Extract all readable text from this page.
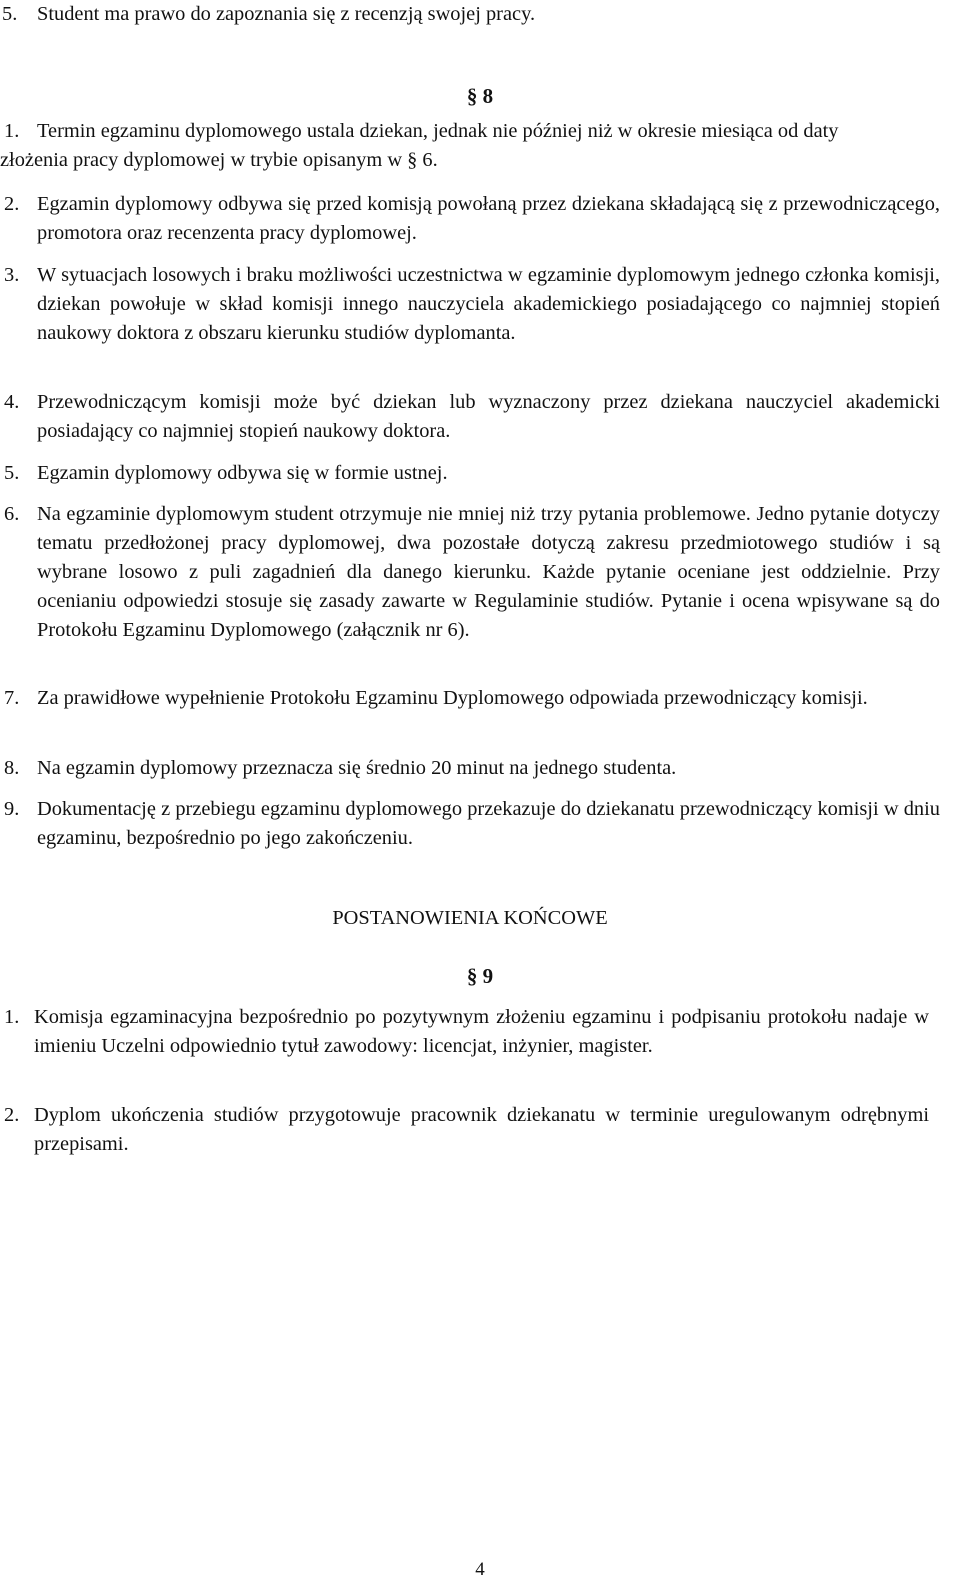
5. Student ma prawo do zapoznania się z recenzją swojej pracy.
§ 8
1. Termin egzaminu dyplomowego ustala dziekan, jednak nie później niż w okresie miesiąca od daty złożenia pracy dyplomowej w trybie opisanym w § 6.
2. Egzamin dyplomowy odbywa się przed komisją powołaną przez dziekana składającą się z przewodniczącego, promotora oraz recenzenta pracy dyplomowej.
3. W sytuacjach losowych i braku możliwości uczestnictwa w egzaminie dyplomowym jednego członka komisji, dziekan powołuje w skład komisji innego nauczyciela akademickiego posiadającego co najmniej stopień naukowy doktora z obszaru kierunku studiów dyplomanta.
4. Przewodniczącym komisji może być dziekan lub wyznaczony przez dziekana nauczyciel akademicki posiadający co najmniej stopień naukowy doktora.
5. Egzamin dyplomowy odbywa się w formie ustnej.
6. Na egzaminie dyplomowym student otrzymuje nie mniej niż trzy pytania problemowe. Jedno pytanie dotyczy tematu przedłożonej pracy dyplomowej, dwa pozostałe dotyczą zakresu przedmiotowego studiów i są wybrane losowo z puli zagadnień dla danego kierunku. Każde pytanie oceniane jest oddzielnie. Przy ocenianiu odpowiedzi stosuje się zasady zawarte w Regulaminie studiów. Pytanie i ocena wpisywane są do Protokołu Egzaminu Dyplomowego (załącznik nr 6).
7. Za prawidłowe wypełnienie Protokołu Egzaminu Dyplomowego odpowiada przewodniczący komisji.
8. Na egzamin dyplomowy przeznacza się średnio 20 minut na jednego studenta.
9. Dokumentację z przebiegu egzaminu dyplomowego przekazuje do dziekanatu przewodniczący komisji w dniu egzaminu, bezpośrednio po jego zakończeniu.
POSTANOWIENIA KOŃCOWE
§ 9
1. Komisja egzaminacyjna bezpośrednio po pozytywnym złożeniu egzaminu i podpisaniu protokołu nadaje w imieniu Uczelni odpowiednio tytuł zawodowy: licencjat, inżynier, magister.
2. Dyplom ukończenia studiów przygotowuje pracownik dziekanatu w terminie uregulowanym odrębnymi przepisami.
4
